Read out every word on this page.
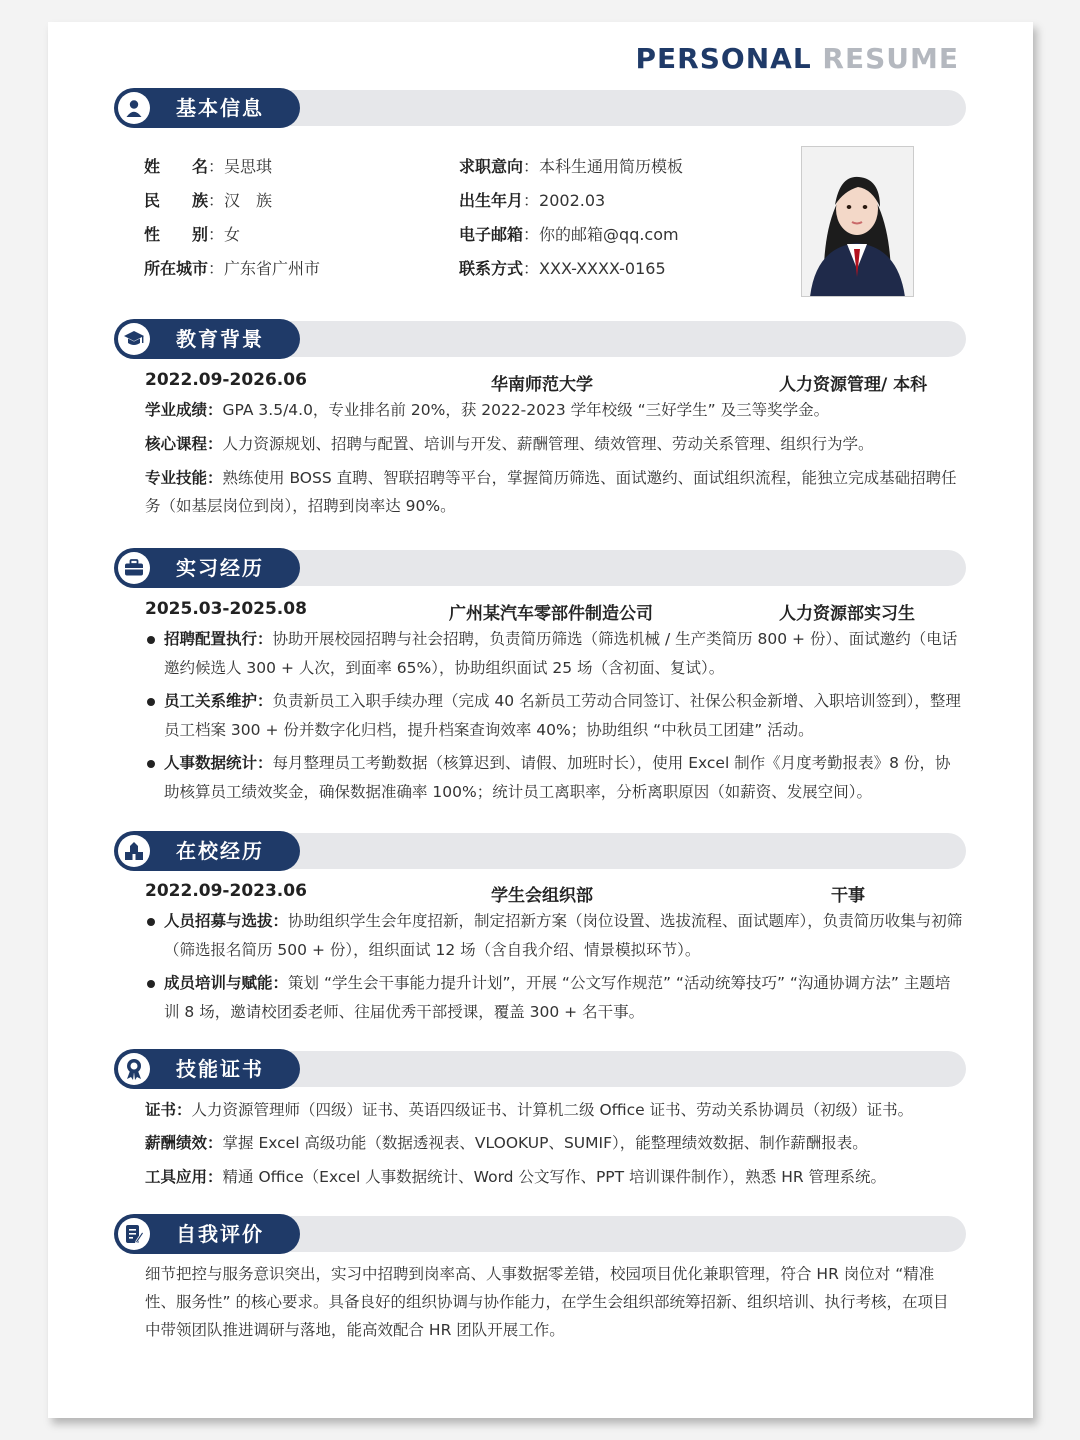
PERSONAL RESUME
基本信息
姓　　名：吴思琪
民　　族：汉　族
性　　别：女
所在城市：广东省广州市
求职意向：本科生通用简历模板
出生年月：2002.03
电子邮箱：你的邮箱@qq.com
联系方式：XXX-XXXX-0165
教育背景
2022.09-2026.06	华南师范大学	人力资源管理/ 本科
学业成绩：GPA 3.5/4.0，专业排名前 20%，获 2022-2023 学年校级 “三好学生” 及三等奖学金。
核心课程：人力资源规划、招聘与配置、培训与开发、薪酬管理、绩效管理、劳动关系管理、组织行为学。
专业技能：熟练使用 BOSS 直聘、智联招聘等平台，掌握简历筛选、面试邀约、面试组织流程，能独立完成基础招聘任务（如基层岗位到岗），招聘到岗率达 90%。
实习经历
2025.03-2025.08	广州某汽车零部件制造公司	人力资源部实习生
招聘配置执行：协助开展校园招聘与社会招聘，负责简历筛选（筛选机械 / 生产类简历 800 + 份）、面试邀约（电话邀约候选人 300 + 人次，到面率 65%），协助组织面试 25 场（含初面、复试）。
员工关系维护：负责新员工入职手续办理（完成 40 名新员工劳动合同签订、社保公积金新增、入职培训签到），整理员工档案 300 + 份并数字化归档，提升档案查询效率 40%；协助组织 “中秋员工团建” 活动。
人事数据统计：每月整理员工考勤数据（核算迟到、请假、加班时长），使用 Excel 制作《月度考勤报表》8 份，协助核算员工绩效奖金，确保数据准确率 100%；统计员工离职率，分析离职原因（如薪资、发展空间）。
在校经历
2022.09-2023.06	学生会组织部	干事
人员招募与选拔：协助组织学生会年度招新，制定招新方案（岗位设置、选拔流程、面试题库），负责简历收集与初筛（筛选报名简历 500 + 份），组织面试 12 场（含自我介绍、情景模拟环节）。
成员培训与赋能：策划 “学生会干事能力提升计划”，开展 “公文写作规范” “活动统筹技巧” “沟通协调方法” 主题培训 8 场，邀请校团委老师、往届优秀干部授课，覆盖 300 + 名干事。
技能证书
证书：人力资源管理师（四级）证书、英语四级证书、计算机二级 Office 证书、劳动关系协调员（初级）证书。
薪酬绩效：掌握 Excel 高级功能（数据透视表、VLOOKUP、SUMIF），能整理绩效数据、制作薪酬报表。
工具应用：精通 Office（Excel 人事数据统计、Word 公文写作、PPT 培训课件制作），熟悉 HR 管理系统。
自我评价
细节把控与服务意识突出，实习中招聘到岗率高、人事数据零差错，校园项目优化兼职管理，符合 HR 岗位对 “精准性、服务性” 的核心要求。具备良好的组织协调与协作能力，在学生会组织部统筹招新、组织培训、执行考核，在项目中带领团队推进调研与落地，能高效配合 HR 团队开展工作。
